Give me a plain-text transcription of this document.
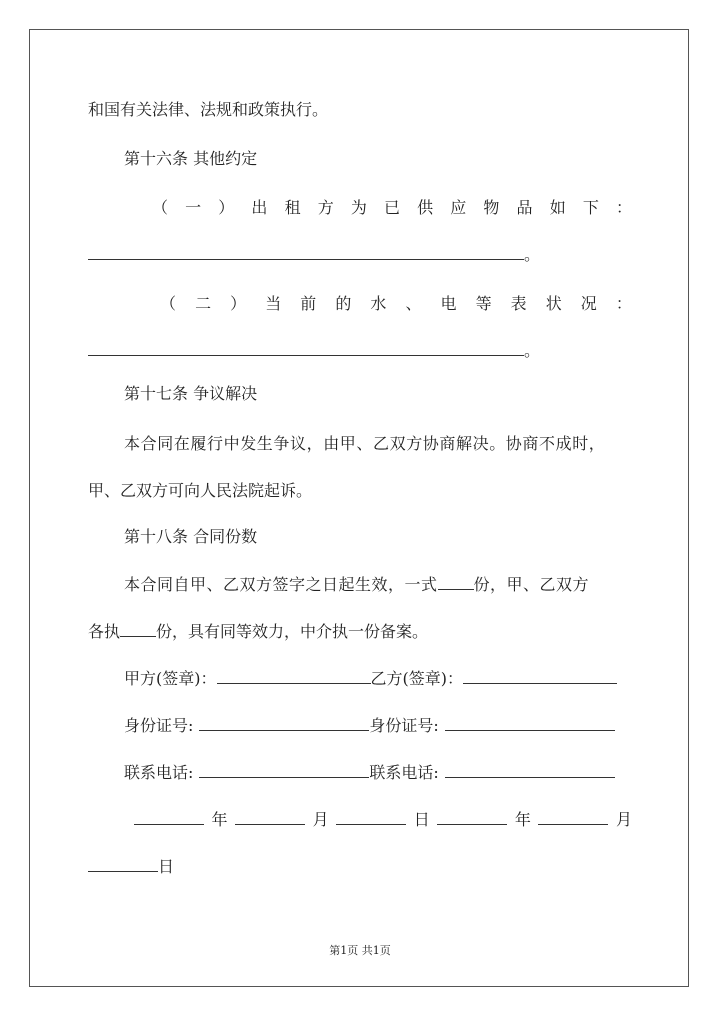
和国有关法律、法规和政策执行。
第十六条 其他约定
（ 一 ） 出 租 方 为 已 供 应 物 品 如 下 ：
。
（ 二 ） 当 前 的 水 、 电 等 表 状 况 ：
。
第十七条 争议解决
本合同在履行中发生争议，由甲、乙双方协商解决。协商不成时，
甲、乙双方可向人民法院起诉。
第十八条 合同份数
本合同自甲、乙双方签字之日起生效，一式 份，甲、乙双方
各执 份，具有同等效力，中介执一份备案。
甲方(签章)：	乙方(签章)：
身份证号:	身份证号:
联系电话:	联系电话:
年	月	日	年	月
日
第1页 共1页
